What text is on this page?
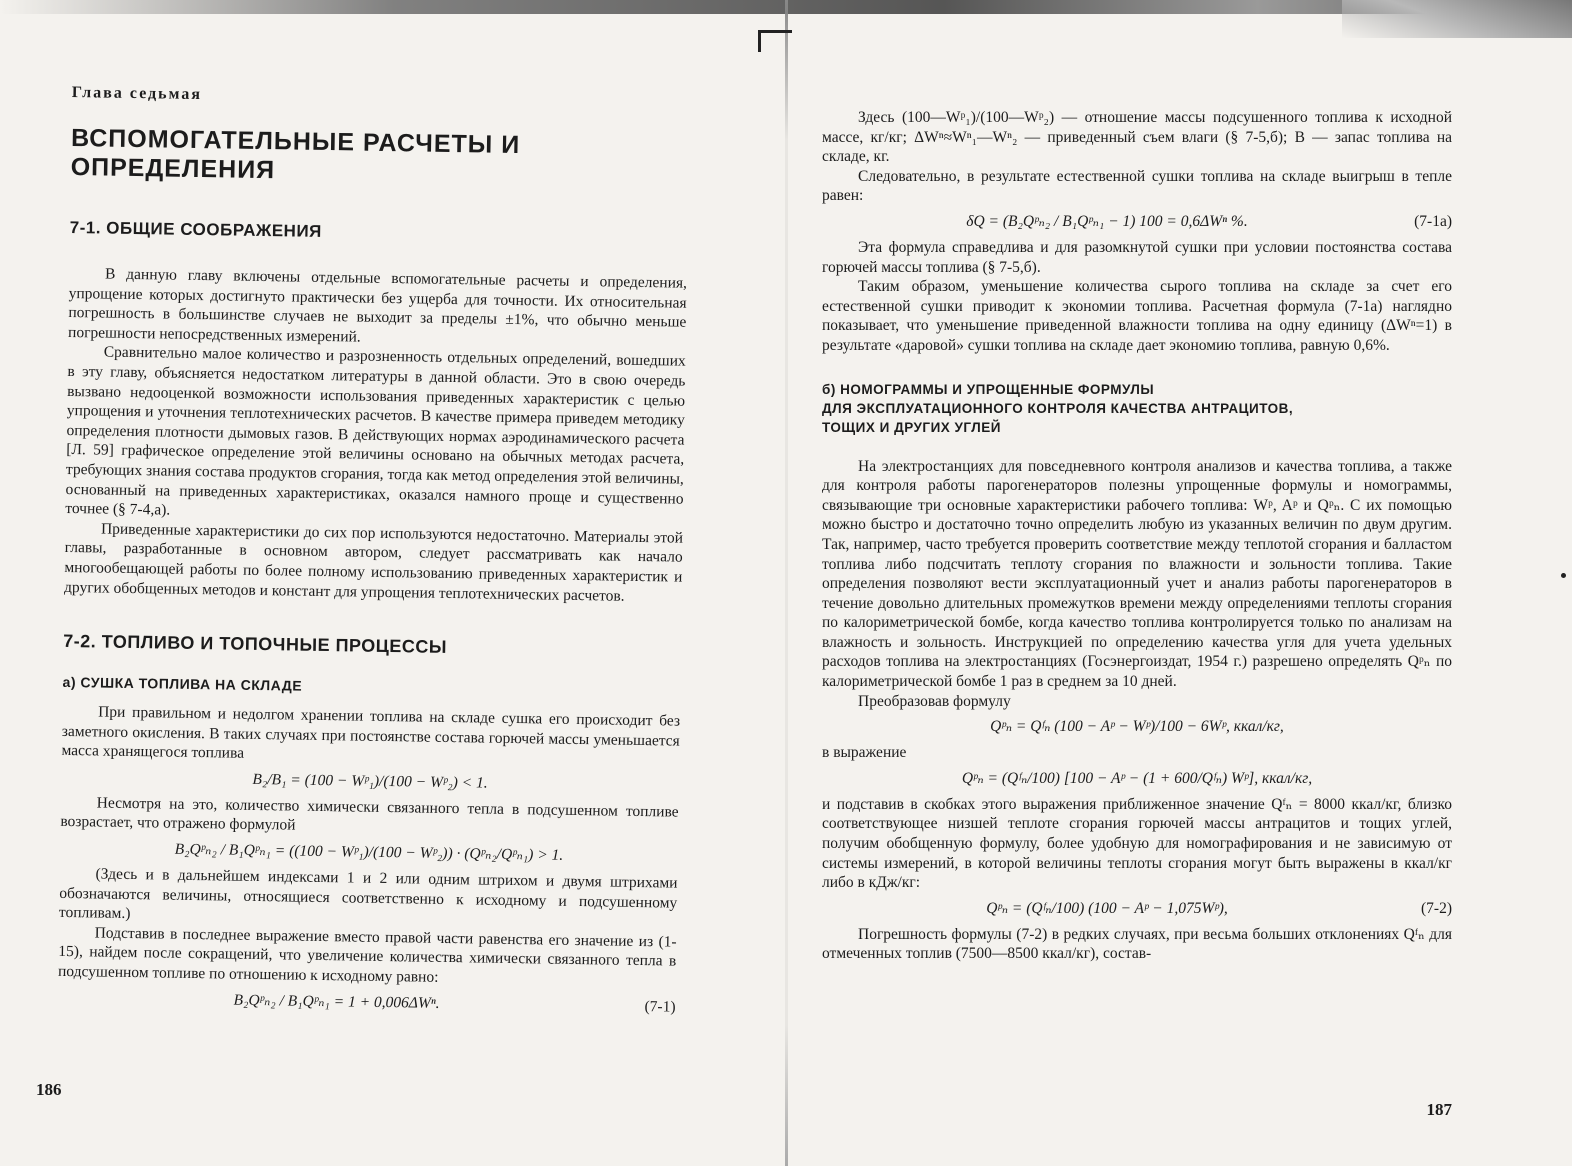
Глава седьмая
ВСПОМОГАТЕЛЬНЫЕ РАСЧЕТЫ И ОПРЕДЕЛЕНИЯ
7-1. ОБЩИЕ СООБРАЖЕНИЯ

В данную главу включены отдельные вспомогательные расчеты и определения, упрощение которых достигнуто практически без ущерба для точности. Их относительная погрешность в большинстве случаев не выходит за пределы ±1%, что обычно меньше погрешности непосредственных измерений.

Сравнительно малое количество и разрозненность отдельных определений, вошедших в эту главу, объясняется недостатком литературы в данной области. Это в свою очередь вызвано недооценкой возможности использования приведенных характеристик с целью упрощения и уточнения теплотехнических расчетов. В качестве примера приведем методику определения плотности дымовых газов. В действующих нормах аэродинамического расчета [Л. 59] графическое определение этой величины основано на обычных методах расчета, требующих знания состава продуктов сгорания, тогда как метод определения этой величины, основанный на приведенных характеристиках, оказался намного проще и существенно точнее (§ 7-4,а).

Приведенные характеристики до сих пор используются недостаточно. Материалы этой главы, разработанные в основном автором, следует рассматривать как начало многообещающей работы по более полному использованию приведенных характеристик и других обобщенных методов и констант для упрощения теплотехнических расчетов.

7-2. ТОПЛИВО И ТОПОЧНЫЕ ПРОЦЕССЫ
а) СУШКА ТОПЛИВА НА СКЛАДЕ

При правильном и недолгом хранении топлива на складе сушка его происходит без заметного окисления. В таких случаях при постоянстве состава горючей массы уменьшается масса хранящегося топлива

B₂/B₁ = (100 − Wᵖ₁)/(100 − Wᵖ₂) < 1.

Несмотря на это, количество химически связанного тепла в подсушенном топливе возрастает, что отражено формулой

B₂Qᵖₙ₂ / B₁Qᵖₙ₁ = ((100 − Wᵖ₁)/(100 − Wᵖ₂)) · (Qᵖₙ₂/Qᵖₙ₁) > 1.

(Здесь и в дальнейшем индексами 1 и 2 или одним штрихом и двумя штрихами обозначаются величины, относящиеся соответственно к исходному и подсушенному топливам.)

Подставив в последнее выражение вместо правой части равенства его значение из (1-15), найдем после сокращений, что увеличение количества химически связанного тепла в подсушенном топливе по отношению к исходному равно:

B₂Qᵖₙ₂ / B₁Qᵖₙ₁ = 1 + 0,006ΔWⁿ.	(7-1)
186

Здесь (100—Wᵖ₁)/(100—Wᵖ₂) — отношение массы подсушенного топлива к исходной массе, кг/кг; ΔWⁿ≈Wⁿ₁—Wⁿ₂ — приведенный съем влаги (§ 7-5,б); B — запас топлива на складе, кг.

Следовательно, в результате естественной сушки топлива на складе выигрыш в тепле равен:

δQ = (B₂Qᵖₙ₂ / B₁Qᵖₙ₁ − 1) 100 = 0,6ΔWⁿ %.	(7-1а)

Эта формула справедлива и для разомкнутой сушки при условии постоянства состава горючей массы топлива (§ 7-5,б).

Таким образом, уменьшение количества сырого топлива на складе за счет его естественной сушки приводит к экономии топлива. Расчетная формула (7-1а) наглядно показывает, что уменьшение приведенной влажности топлива на одну единицу (ΔWⁿ=1) в результате «даровой» сушки топлива на складе дает экономию топлива, равную 0,6%.

б) НОМОГРАММЫ И УПРОЩЕННЫЕ ФОРМУЛЫ
ДЛЯ ЭКСПЛУАТАЦИОННОГО КОНТРОЛЯ КАЧЕСТВА АНТРАЦИТОВ,
ТОЩИХ И ДРУГИХ УГЛЕЙ

На электростанциях для повседневного контроля анализов и качества топлива, а также для контроля работы парогенераторов полезны упрощенные формулы и номограммы, связывающие три основные характеристики рабочего топлива: Wᵖ, Aᵖ и Qᵖₙ. С их помощью можно быстро и достаточно точно определить любую из указанных величин по двум другим. Так, например, часто требуется проверить соответствие между теплотой сгорания и балластом топлива либо подсчитать теплоту сгорания по влажности и зольности топлива. Такие определения позволяют вести эксплуатационный учет и анализ работы парогенераторов в течение довольно длительных промежутков времени между определениями теплоты сгорания по калориметрической бомбе, когда качество топлива контролируется только по анализам на влажность и зольность. Инструкцией по определению качества угля для учета удельных расходов топлива на электростанциях (Госэнергоиздат, 1954 г.) разрешено определять Qᵖₙ по калориметрической бомбе 1 раз в среднем за 10 дней.

Преобразовав формулу

Qᵖₙ = Qᶠₙ (100 − Aᵖ − Wᵖ)/100 − 6Wᵖ, ккал/кг,

в выражение

Qᵖₙ = (Qᶠₙ/100) [100 − Aᵖ − (1 + 600/Qᶠₙ) Wᵖ], ккал/кг,

и подставив в скобках этого выражения приближенное значение Qᶠₙ = 8000 ккал/кг, близко соответствующее низшей теплоте сгорания горючей массы антрацитов и тощих углей, получим обобщенную формулу, более удобную для номографирования и не зависимую от системы измерений, в которой величины теплоты сгорания могут быть выражены в ккал/кг либо в кДж/кг:

Qᵖₙ = (Qᶠₙ/100) (100 − Aᵖ − 1,075Wᵖ),	(7-2)

Погрешность формулы (7-2) в редких случаях, при весьма больших отклонениях Qᶠₙ для отмеченных топлив (7500—8500 ккал/кг), состав-

187
